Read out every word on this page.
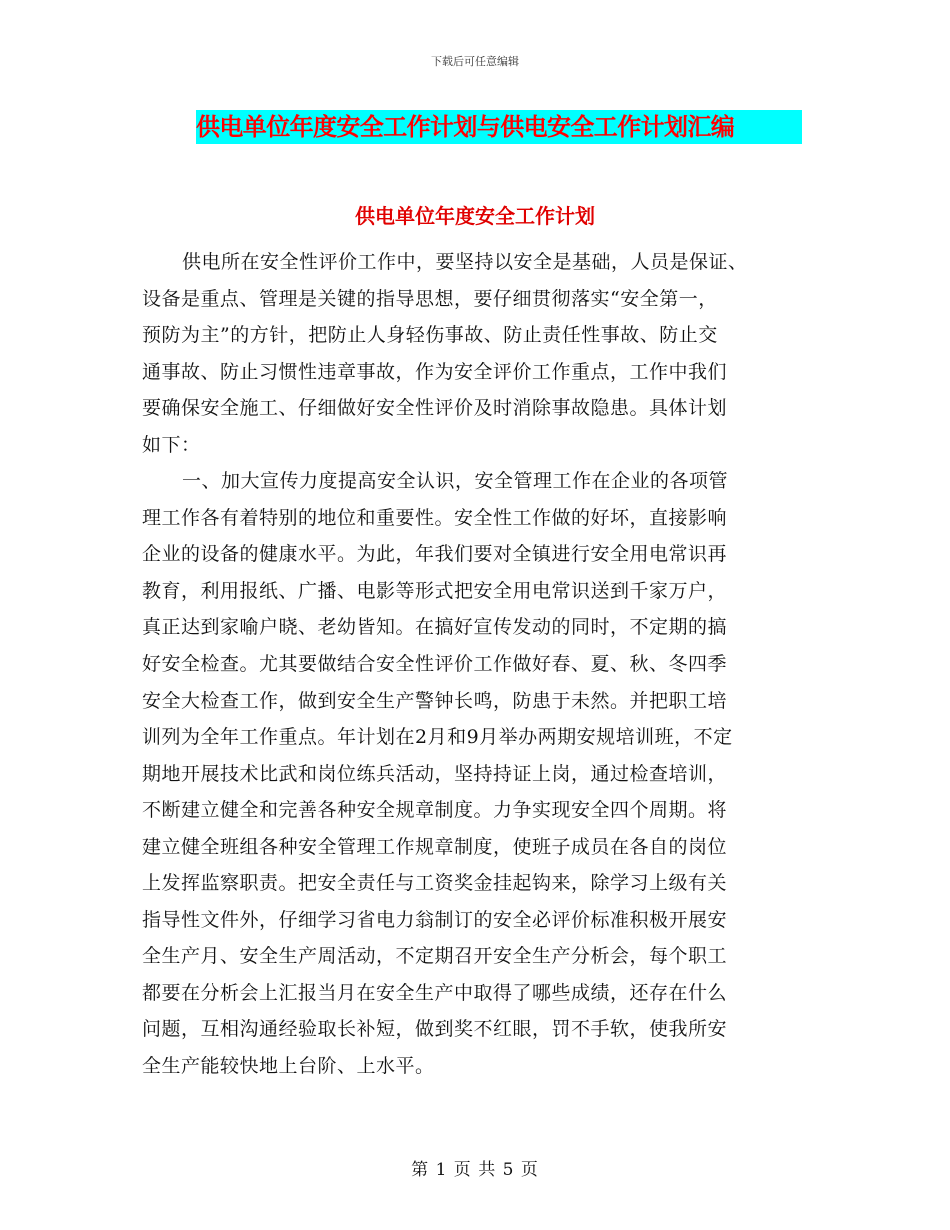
下载后可任意编辑
供电单位年度安全工作计划与供电安全工作计划汇编
供电单位年度安全工作计划
供电所在安全性评价工作中，要坚持以安全是基础，人员是保证、
设备是重点、管理是关键的指导思想，要仔细贯彻落实“安全第一，
预防为主”的方针，把防止人身轻伤事故、防止责任性事故、防止交
通事故、防止习惯性违章事故，作为安全评价工作重点，工作中我们
要确保安全施工、仔细做好安全性评价及时消除事故隐患。具体计划
如下：
一、加大宣传力度提高安全认识，安全管理工作在企业的各项管
理工作各有着特别的地位和重要性。安全性工作做的好坏，直接影响
企业的设备的健康水平。为此，年我们要对全镇进行安全用电常识再
教育，利用报纸、广播、电影等形式把安全用电常识送到千家万户，
真正达到家喻户晓、老幼皆知。在搞好宣传发动的同时，不定期的搞
好安全检查。尤其要做结合安全性评价工作做好春、夏、秋、冬四季
安全大检查工作，做到安全生产警钟长鸣，防患于未然。并把职工培
训列为全年工作重点。年计划在2月和9月举办两期安规培训班，不定
期地开展技术比武和岗位练兵活动，坚持持证上岗，通过检查培训，
不断建立健全和完善各种安全规章制度。力争实现安全四个周期。将
建立健全班组各种安全管理工作规章制度，使班子成员在各自的岗位
上发挥监察职责。把安全责任与工资奖金挂起钩来，除学习上级有关
指导性文件外，仔细学习省电力翁制订的安全必评价标准积极开展安
全生产月、安全生产周活动，不定期召开安全生产分析会，每个职工
都要在分析会上汇报当月在安全生产中取得了哪些成绩，还存在什么
问题，互相沟通经验取长补短，做到奖不红眼，罚不手软，使我所安
全生产能较快地上台阶、上水平。
第 1 页 共 5 页
